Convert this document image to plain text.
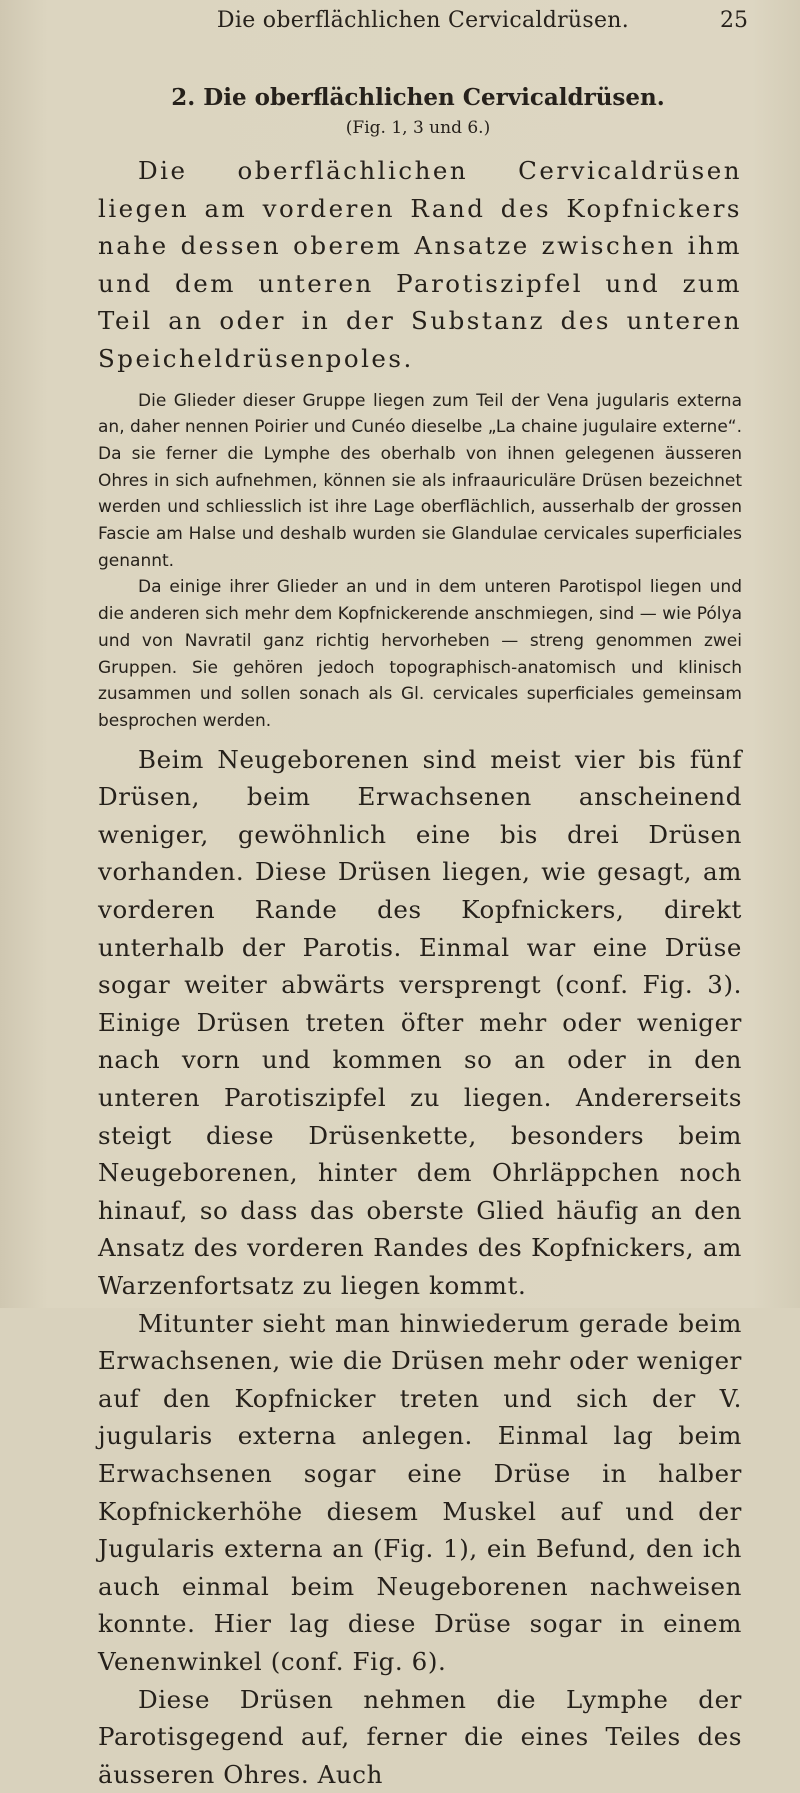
Die oberflächlichen Cervicaldrüsen.	25
2. Die oberflächlichen Cervicaldrüsen.
(Fig. 1, 3 und 6.)

Die oberflächlichen Cervicaldrüsen liegen am vorderen Rand des Kopfnickers nahe dessen oberem Ansatze zwischen ihm und dem unteren Parotiszipfel und zum Teil an oder in der Substanz des unteren Speicheldrüsenpoles.

Die Glieder dieser Gruppe liegen zum Teil der Vena jugularis externa an, daher nennen Poirier und Cunéo dieselbe „La chaine jugulaire externe“. Da sie ferner die Lymphe des oberhalb von ihnen gelegenen äusseren Ohres in sich aufnehmen, können sie als infraauriculäre Drüsen bezeichnet werden und schliesslich ist ihre Lage oberflächlich, ausserhalb der grossen Fascie am Halse und deshalb wurden sie Glandulae cervicales superficiales genannt.

Da einige ihrer Glieder an und in dem unteren Parotispol liegen und die anderen sich mehr dem Kopfnickerende anschmiegen, sind — wie Pólya und von Navratil ganz richtig hervorheben — streng genommen zwei Gruppen. Sie gehören jedoch topographisch-anatomisch und klinisch zusammen und sollen sonach als Gl. cervicales superficiales gemeinsam besprochen werden.

Beim Neugeborenen sind meist vier bis fünf Drüsen, beim Erwachsenen anscheinend weniger, gewöhnlich eine bis drei Drüsen vorhanden. Diese Drüsen liegen, wie gesagt, am vorderen Rande des Kopfnickers, direkt unterhalb der Parotis. Einmal war eine Drüse sogar weiter abwärts versprengt (conf. Fig. 3). Einige Drüsen treten öfter mehr oder weniger nach vorn und kommen so an oder in den unteren Parotiszipfel zu liegen. Andererseits steigt diese Drüsenkette, besonders beim Neugeborenen, hinter dem Ohrläppchen noch hinauf, so dass das oberste Glied häufig an den Ansatz des vorderen Randes des Kopfnickers, am Warzenfortsatz zu liegen kommt.

Mitunter sieht man hinwiederum gerade beim Erwachsenen, wie die Drüsen mehr oder weniger auf den Kopfnicker treten und sich der V. jugularis externa anlegen. Einmal lag beim Erwachsenen sogar eine Drüse in halber Kopfnickerhöhe diesem Muskel auf und der Jugularis externa an (Fig. 1), ein Befund, den ich auch einmal beim Neugeborenen nachweisen konnte. Hier lag diese Drüse sogar in einem Venenwinkel (conf. Fig. 6).

Diese Drüsen nehmen die Lymphe der Parotisgegend auf, ferner die eines Teiles des äusseren Ohres. Auch
